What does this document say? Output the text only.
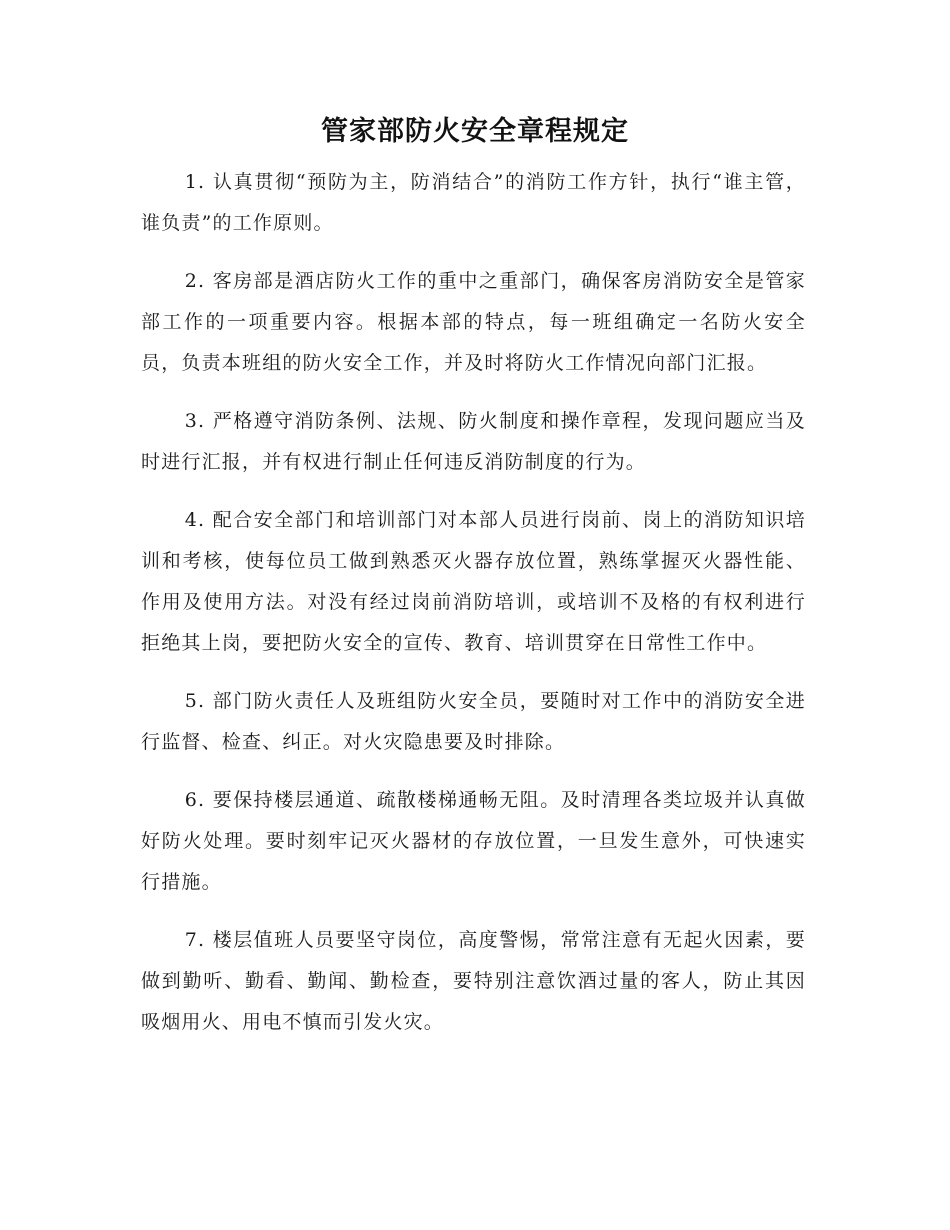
管家部防火安全章程规定

1. 认真贯彻“预防为主，防消结合”的消防工作方针，执行“谁主管，谁负责”的工作原则。

2. 客房部是酒店防火工作的重中之重部门，确保客房消防安全是管家部工作的一项重要内容。根据本部的特点，每一班组确定一名防火安全员，负责本班组的防火安全工作，并及时将防火工作情况向部门汇报。

3. 严格遵守消防条例、法规、防火制度和操作章程，发现问题应当及时进行汇报，并有权进行制止任何违反消防制度的行为。

4. 配合安全部门和培训部门对本部人员进行岗前、岗上的消防知识培训和考核，使每位员工做到熟悉灭火器存放位置，熟练掌握灭火器性能、作用及使用方法。对没有经过岗前消防培训，或培训不及格的有权利进行拒绝其上岗，要把防火安全的宣传、教育、培训贯穿在日常性工作中。

5. 部门防火责任人及班组防火安全员，要随时对工作中的消防安全进行监督、检查、纠正。对火灾隐患要及时排除。

6. 要保持楼层通道、疏散楼梯通畅无阻。及时清理各类垃圾并认真做好防火处理。要时刻牢记灭火器材的存放位置，一旦发生意外，可快速实行措施。

7. 楼层值班人员要坚守岗位，高度警惕，常常注意有无起火因素，要做到勤听、勤看、勤闻、勤检查，要特别注意饮酒过量的客人，防止其因吸烟用火、用电不慎而引发火灾。
